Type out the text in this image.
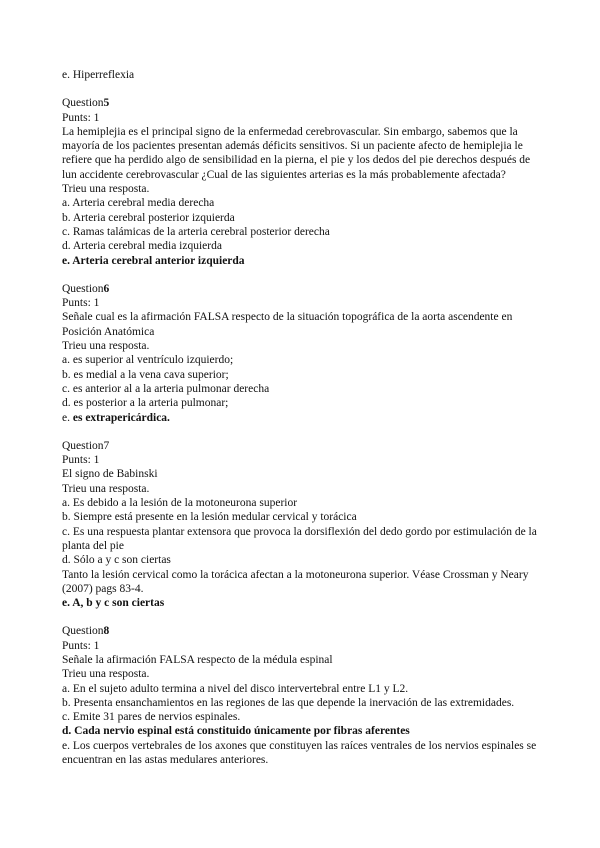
e. Hiperreflexia

Question5

Punts: 1

La hemiplejia es el principal signo de la enfermedad cerebrovascular. Sin embargo, sabemos que la mayoría de los pacientes presentan además déficits sensitivos. Si un paciente afecto de hemiplejia le refiere que ha perdido algo de sensibilidad en la pierna, el pie y los dedos del pie derechos después de lun accidente cerebrovascular ¿Cual de las siguientes arterias es la más probablemente afectada?

Trieu una resposta.

a. Arteria cerebral media derecha

b. Arteria cerebral posterior izquierda

c. Ramas talámicas de la arteria cerebral posterior derecha

d. Arteria cerebral media izquierda

e. Arteria cerebral anterior izquierda

Question6

Punts: 1

Señale cual es la afirmación FALSA respecto de la situación topográfica de la aorta ascendente en Posición Anatómica

Trieu una resposta.

a. es superior al ventrículo izquierdo;

b. es medial a la vena cava superior;

c. es anterior al a la arteria pulmonar derecha

d. es posterior a la arteria pulmonar;

e. es extrapericárdica.

Question7

Punts: 1

El signo de Babinski

Trieu una resposta.

a. Es debido a la lesión de la motoneurona superior

b. Siempre está presente en la lesión medular cervical y torácica

c. Es una respuesta plantar extensora que provoca la dorsiflexión del dedo gordo por estimulación de la planta del pie

d. Sólo a y c son ciertas

Tanto la lesión cervical como la torácica afectan a la motoneurona superior. Véase Crossman y Neary (2007) pags 83-4.

e. A, b y c son ciertas

Question8

Punts: 1

Señale la afirmación FALSA respecto de la médula espinal

Trieu una resposta.

a. En el sujeto adulto termina a nivel del disco intervertebral entre L1 y L2.

b. Presenta ensanchamientos en las regiones de las que depende la inervación de las extremidades.

c. Emite 31 pares de nervios espinales.

d. Cada nervio espinal está constituido únicamente por fibras aferentes

e. Los cuerpos vertebrales de los axones que constituyen las raíces ventrales de los nervios espinales se encuentran en las astas medulares anteriores.
